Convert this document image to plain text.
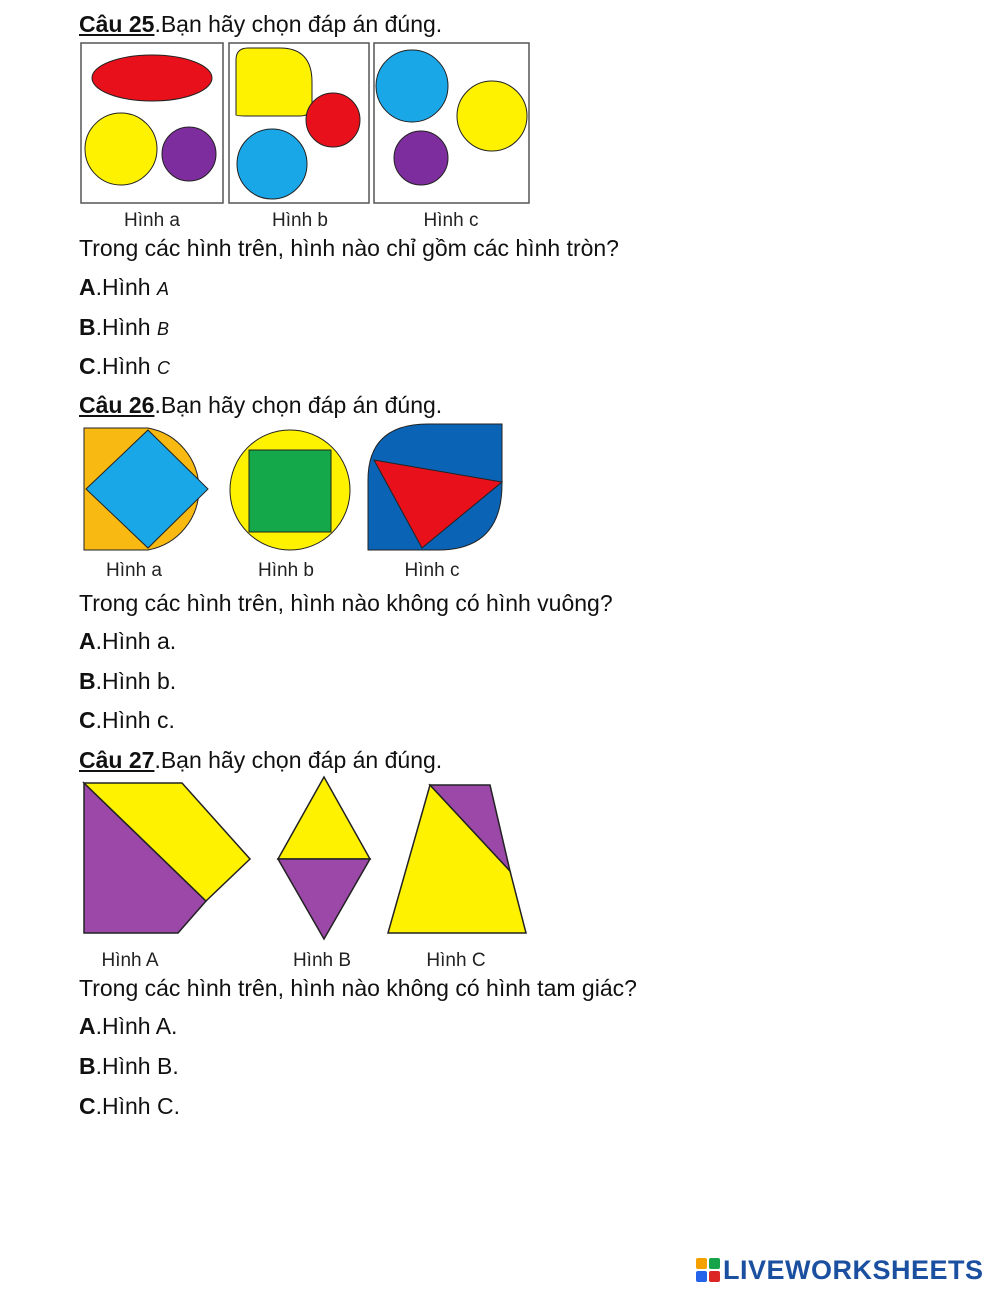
Câu 25.Bạn hãy chọn đáp án đúng.
Hình a	Hình b	Hình c
Trong các hình trên, hình nào chỉ gồm các hình tròn?
A.Hình A
B.Hình B
C.Hình C
Câu 26.Bạn hãy chọn đáp án đúng.
Hình a	Hình b	Hình c
Trong các hình trên, hình nào không có hình vuông?
A.Hình a.
B.Hình b.
C.Hình c.
Câu 27.Bạn hãy chọn đáp án đúng.
Hình A	Hình B	Hình C
Trong các hình trên, hình nào không có hình tam giác?
A.Hình A.
B.Hình B.
C.Hình C.
LIVEWORKSHEETS
